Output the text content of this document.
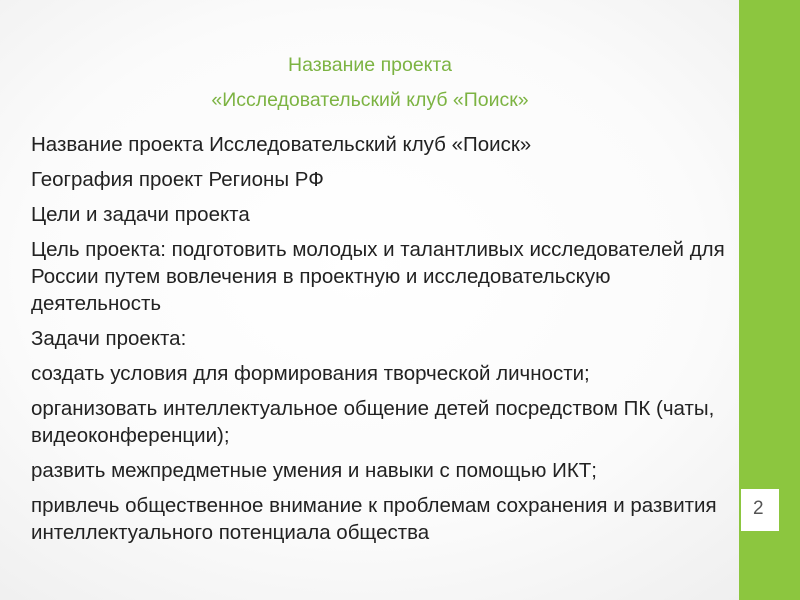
2
Название проекта
«Исследовательский клуб «Поиск»
Название проекта Исследовательский клуб «Поиск»
География проект Регионы РФ
Цели и задачи проекта
Цель проекта: подготовить молодых и талантливых исследователей для России путем вовлечения в проектную и исследовательскую деятельность
Задачи проекта:
создать условия для формирования творческой личности;
организовать интеллектуальное общение детей посредством ПК (чаты, видеоконференции);
развить межпредметные умения и навыки с помощью ИКТ;
привлечь общественное внимание к проблемам сохранения и развития интеллектуального потенциала общества
